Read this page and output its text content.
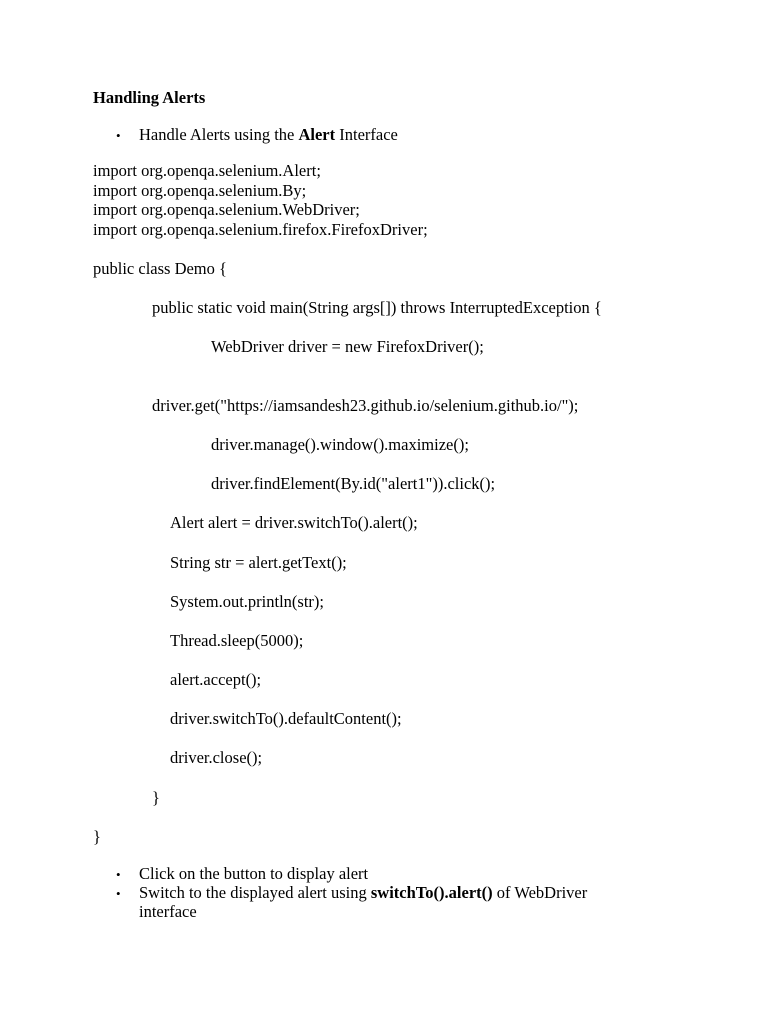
Handling Alerts
• Handle Alerts using the Alert Interface
import org.openqa.selenium.Alert;
import org.openqa.selenium.By;
import org.openqa.selenium.WebDriver;
import org.openqa.selenium.firefox.FirefoxDriver;
public class Demo {
public static void main(String args[]) throws InterruptedException {
WebDriver driver = new FirefoxDriver();
driver.get("https://iamsandesh23.github.io/selenium.github.io/");
driver.manage().window().maximize();
driver.findElement(By.id("alert1")).click();
Alert alert = driver.switchTo().alert();
String str = alert.getText();
System.out.println(str);
Thread.sleep(5000);
alert.accept();
driver.switchTo().defaultContent();
driver.close();
}
}
• Click on the button to display alert
• Switch to the displayed alert using switchTo().alert() of WebDriver
interface
